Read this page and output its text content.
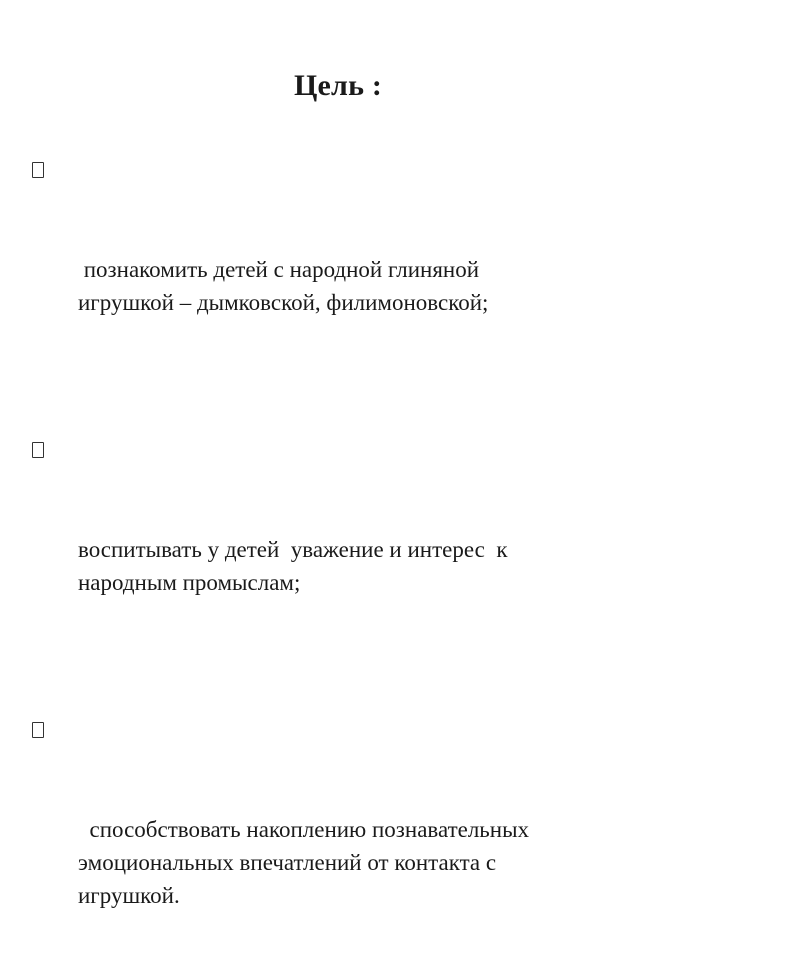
Цель :

познакомить детей с народной глиняной
игрушкой – дымковской, филимоновской;

воспитывать у детей  уважение и интерес  к
народным промыслам;

способствовать накоплению познавательных
эмоциональных впечатлений от контакта с
игрушкой.
